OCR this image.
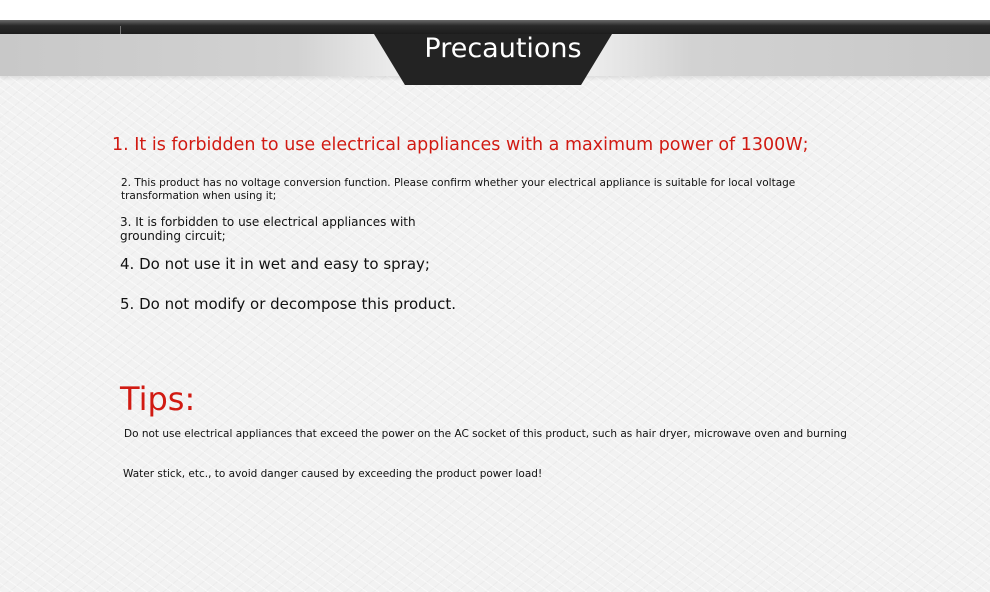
Precautions
1. It is forbidden to use electrical appliances with a maximum power of 1300W;
2. This product has no voltage conversion function. Please confirm whether your electrical appliance is suitable for local voltage transformation when using it;
3. It is forbidden to use electrical appliances with
grounding circuit;
4. Do not use it in wet and easy to spray;
5. Do not modify or decompose this product.
Tips:
Do not use electrical appliances that exceed the power on the AC socket of this product, such as hair dryer, microwave oven and burning
Water stick, etc., to avoid danger caused by exceeding the product power load!
